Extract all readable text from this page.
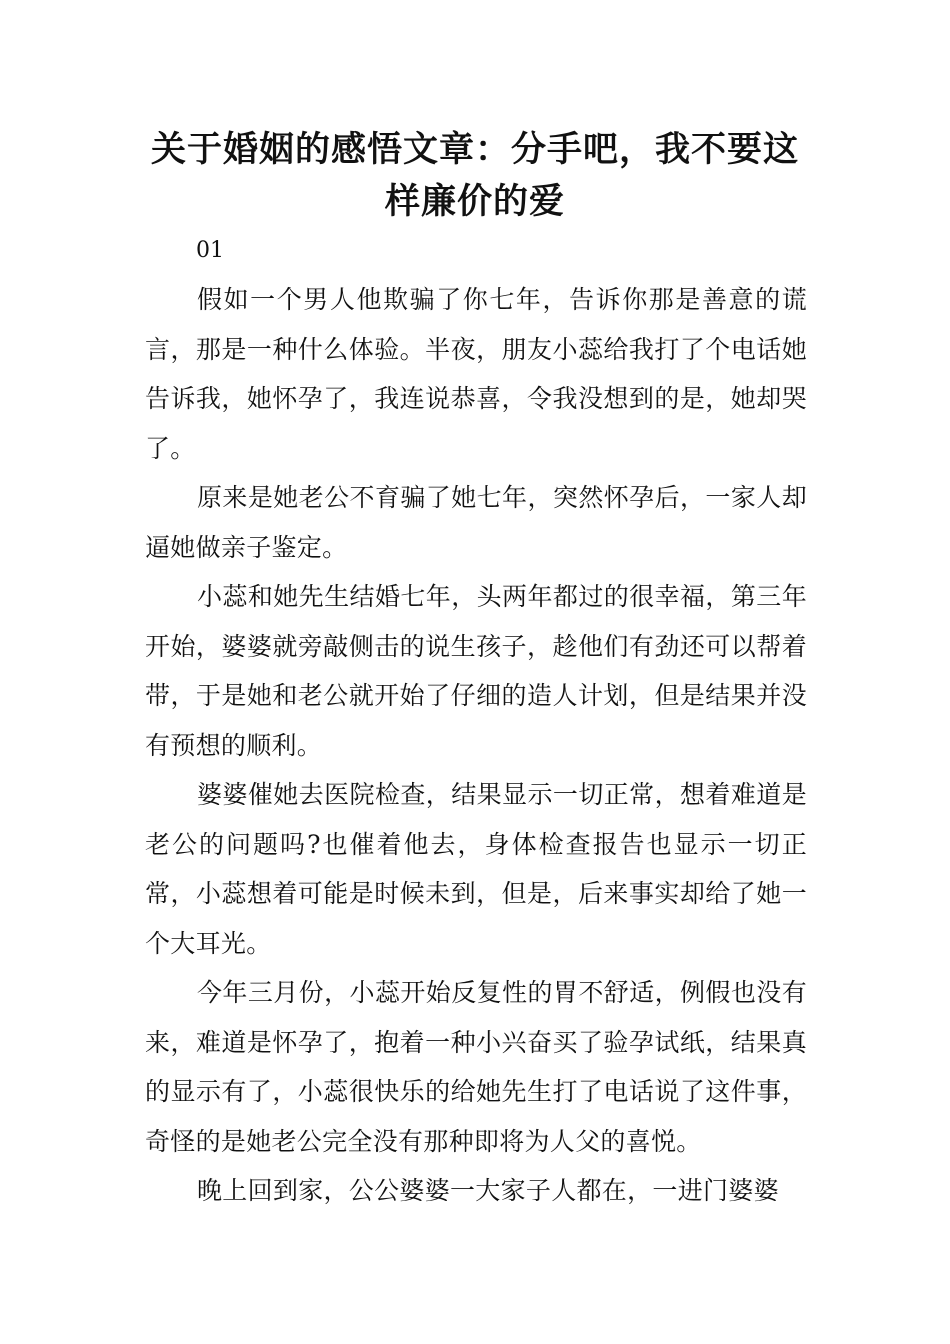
关于婚姻的感悟文章：分手吧，我不要这样廉价的爱

01

假如一个男人他欺骗了你七年，告诉你那是善意的谎言，那是一种什么体验。半夜，朋友小蕊给我打了个电话她告诉我，她怀孕了，我连说恭喜，令我没想到的是，她却哭了。

原来是她老公不育骗了她七年，突然怀孕后，一家人却逼她做亲子鉴定。

小蕊和她先生结婚七年，头两年都过的很幸福，第三年开始，婆婆就旁敲侧击的说生孩子，趁他们有劲还可以帮着带，于是她和老公就开始了仔细的造人计划，但是结果并没有预想的顺利。

婆婆催她去医院检查，结果显示一切正常，想着难道是老公的问题吗?也催着他去，身体检查报告也显示一切正常，小蕊想着可能是时候未到，但是，后来事实却给了她一个大耳光。

今年三月份，小蕊开始反复性的胃不舒适，例假也没有来，难道是怀孕了，抱着一种小兴奋买了验孕试纸，结果真的显示有了，小蕊很快乐的给她先生打了电话说了这件事，奇怪的是她老公完全没有那种即将为人父的喜悦。

晚上回到家，公公婆婆一大家子人都在，一进门婆婆
